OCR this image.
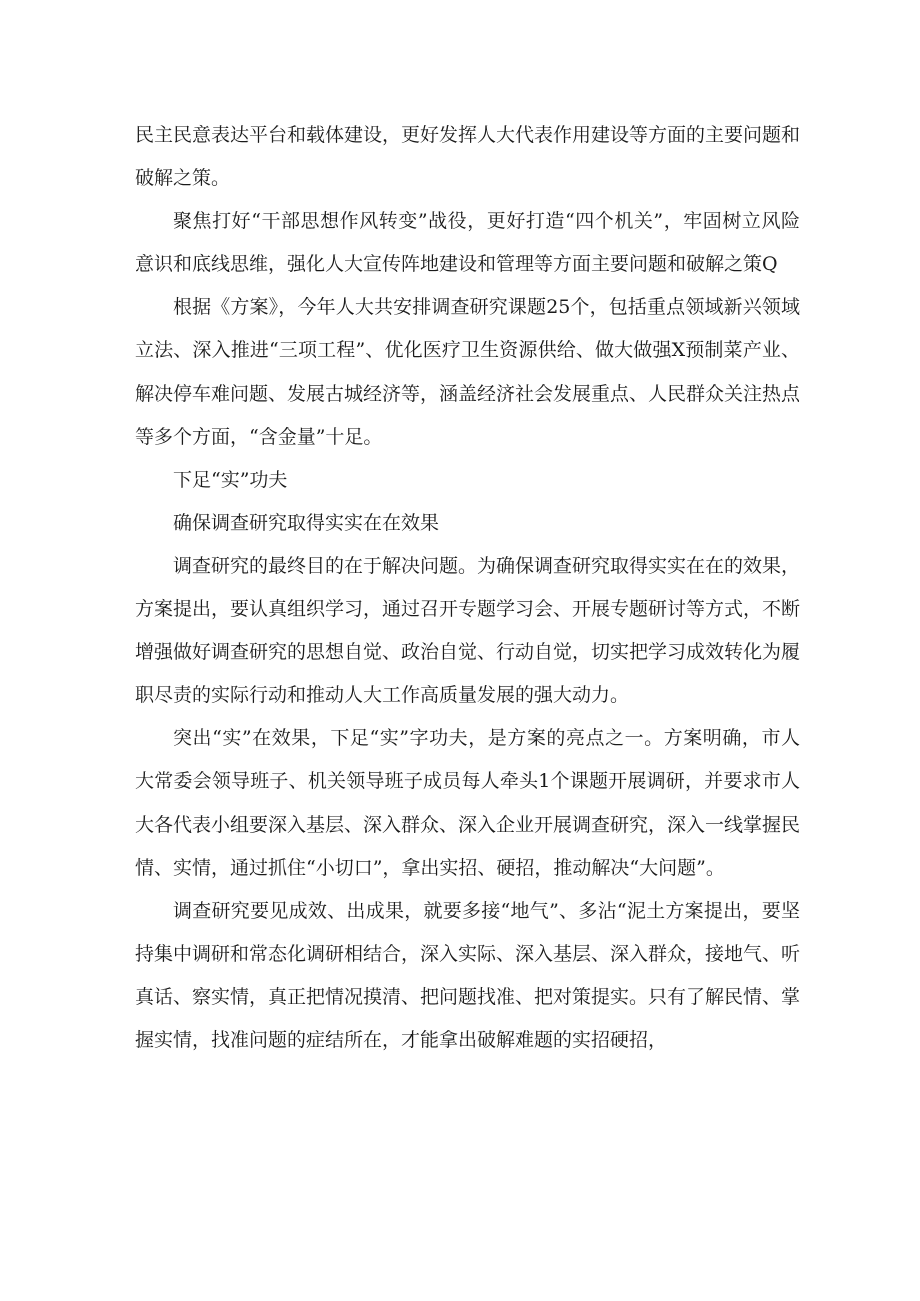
民主民意表达平台和载体建设，更好发挥人大代表作用建设等方面的主要问题和破解之策。

聚焦打好“干部思想作风转变”战役，更好打造“四个机关”，牢固树立风险意识和底线思维，强化人大宣传阵地建设和管理等方面主要问题和破解之策Q

根据《方案》，今年人大共安排调查研究课题25个，包括重点领域新兴领域立法、深入推进“三项工程”、优化医疗卫生资源供给、做大做强X预制菜产业、解决停车难问题、发展古城经济等，涵盖经济社会发展重点、人民群众关注热点等多个方面，“含金量”十足。

下足“实”功夫

确保调查研究取得实实在在效果

调查研究的最终目的在于解决问题。为确保调查研究取得实实在在的效果，方案提出，要认真组织学习，通过召开专题学习会、开展专题研讨等方式，不断增强做好调查研究的思想自觉、政治自觉、行动自觉，切实把学习成效转化为履职尽责的实际行动和推动人大工作高质量发展的强大动力。

突出“实”在效果，下足“实”字功夫，是方案的亮点之一。方案明确，市人大常委会领导班子、机关领导班子成员每人牵头1个课题开展调研，并要求市人大各代表小组要深入基层、深入群众、深入企业开展调查研究，深入一线掌握民情、实情，通过抓住“小切口”，拿出实招、硬招，推动解决“大问题”。

调查研究要见成效、出成果，就要多接“地气”、多沾“泥土方案提出，要坚持集中调研和常态化调研相结合，深入实际、深入基层、深入群众，接地气、听真话、察实情，真正把情况摸清、把问题找准、把对策提实。只有了解民情、掌握实情，找准问题的症结所在，才能拿出破解难题的实招硬招，
